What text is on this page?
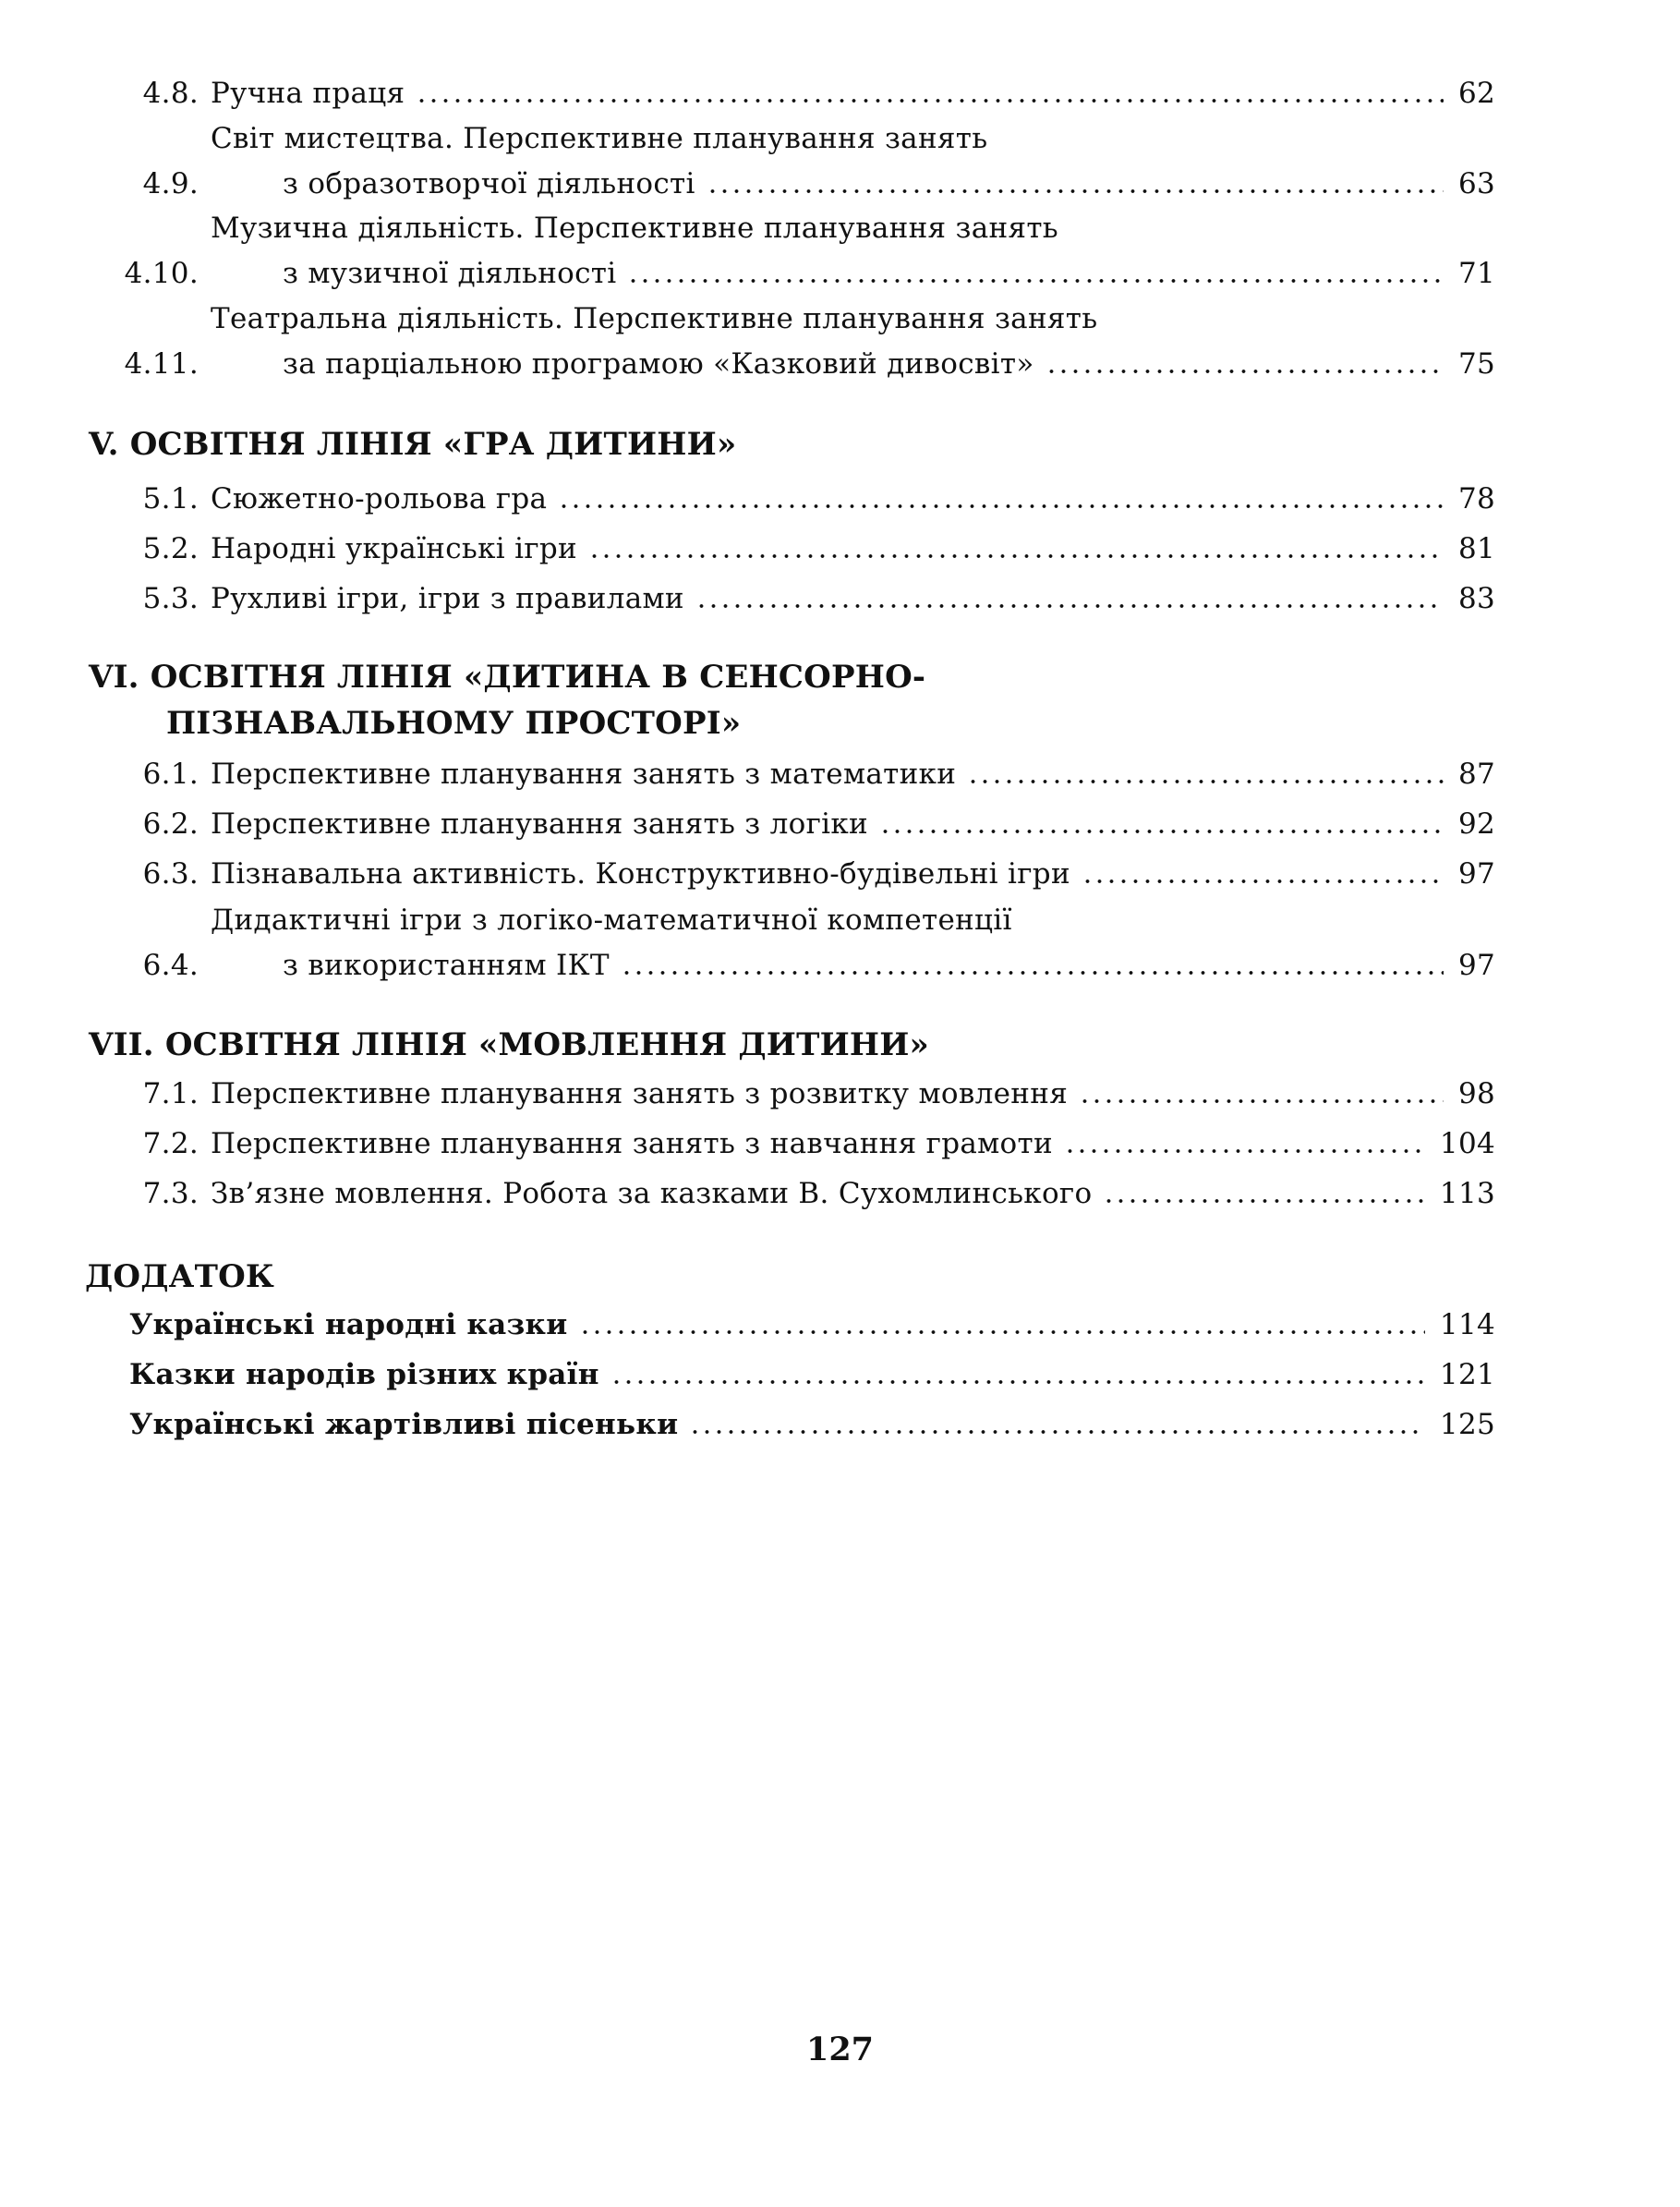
4.8. Ручна праця	62
4.9.
Світ мистецтва. Перспективне планування занять
з образотворчої діяльності	63
4.10.
Музична діяльність. Перспективне планування занять
з музичної діяльності	71
4.11.
Театральна діяльність. Перспективне планування занять
за парціальною програмою «Казковий дивосвіт»	75
V. ОСВІТНЯ ЛІНІЯ «ГРА ДИТИНИ»
5.1. Сюжетно-рольова гра	78
5.2. Народні українські ігри	81
5.3. Рухливі ігри, ігри з правилами	83
VI. ОСВІТНЯ ЛІНІЯ «ДИТИНА В СЕНСОРНО-
ПІЗНАВАЛЬНОМУ ПРОСТОРІ»
6.1. Перспективне планування занять з математики	87
6.2. Перспективне планування занять з логіки	92
6.3. Пізнавальна активність. Конструктивно-будівельні ігри	97
6.4.
Дидактичні ігри з логіко-математичної компетенції
з використанням ІКТ	97
VII. ОСВІТНЯ ЛІНІЯ «МОВЛЕННЯ ДИТИНИ»
7.1. Перспективне планування занять з розвитку мовлення	98
7.2. Перспективне планування занять з навчання грамоти	104
7.3. Зв’язне мовлення. Робота за казками В. Сухомлинського	113
ДОДАТОК
Українські народні казки	114
Казки народів різних країн	121
Українські жартівливі пісеньки	125
127
